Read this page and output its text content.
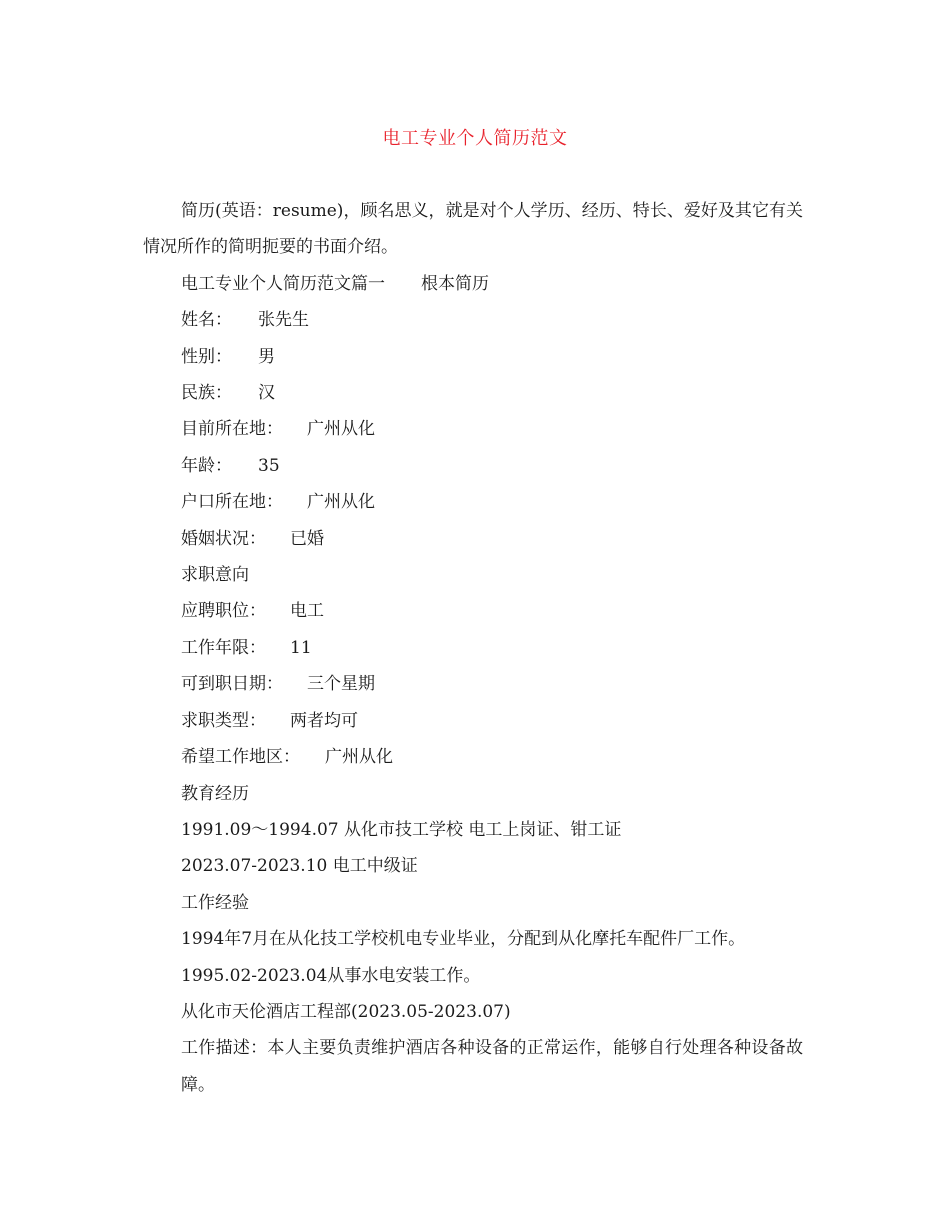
电工专业个人简历范文

简历(英语：resume)，顾名思义，就是对个人学历、经历、特长、爱好及其它有关情况所作的简明扼要的书面介绍。

电工专业个人简历范文篇一 根本简历

姓名： 张先生

性别： 男

民族： 汉

目前所在地： 广州从化

年龄： 35

户口所在地： 广州从化

婚姻状况： 已婚

求职意向

应聘职位： 电工

工作年限： 11

可到职日期： 三个星期

求职类型： 两者均可

希望工作地区： 广州从化

教育经历

1991.09～1994.07 从化市技工学校 电工上岗证、钳工证

2023.07-2023.10 电工中级证

工作经验

1994年7月在从化技工学校机电专业毕业，分配到从化摩托车配件厂工作。

1995.02-2023.04从事水电安装工作。

从化市天伦酒店工程部(2023.05-2023.07)

工作描述：本人主要负责维护酒店各种设备的正常运作，能够自行处理各种设备故障。
